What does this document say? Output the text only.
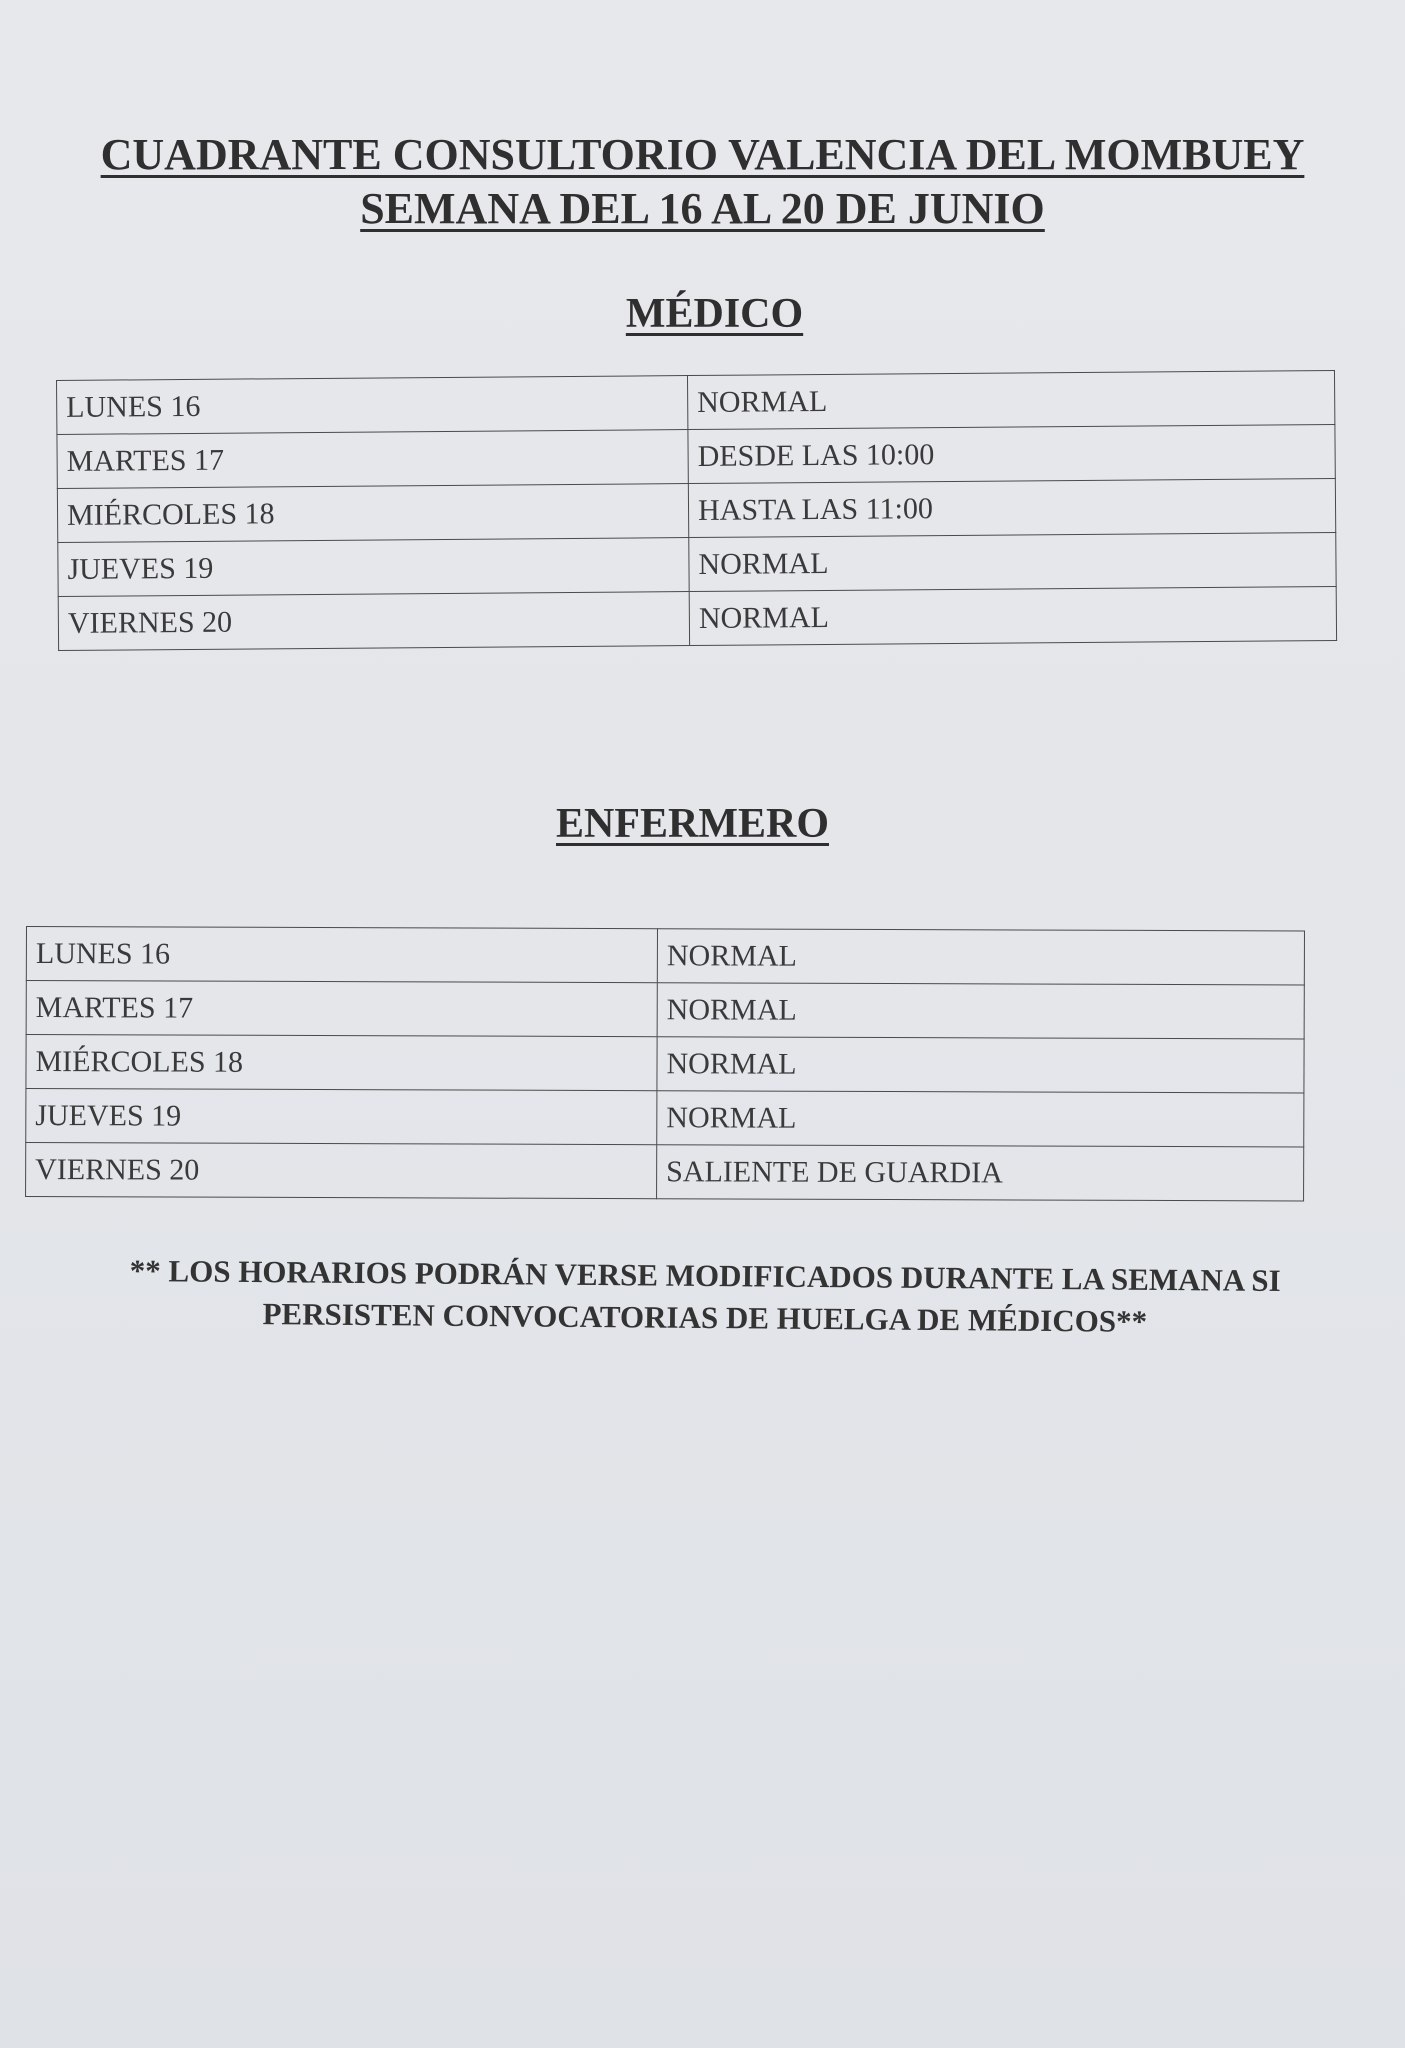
CUADRANTE CONSULTORIO VALENCIA DEL MOMBUEY
SEMANA DEL 16 AL 20 DE JUNIO
MÉDICO
LUNES 16	NORMAL
MARTES 17	DESDE LAS 10:00
MIÉRCOLES 18	HASTA LAS 11:00
JUEVES 19	NORMAL
VIERNES 20	NORMAL
ENFERMERO
LUNES 16	NORMAL
MARTES 17	NORMAL
MIÉRCOLES 18	NORMAL
JUEVES 19	NORMAL
VIERNES 20	SALIENTE DE GUARDIA
** LOS HORARIOS PODRÁN VERSE MODIFICADOS DURANTE LA SEMANA SI
PERSISTEN CONVOCATORIAS DE HUELGA DE MÉDICOS**
